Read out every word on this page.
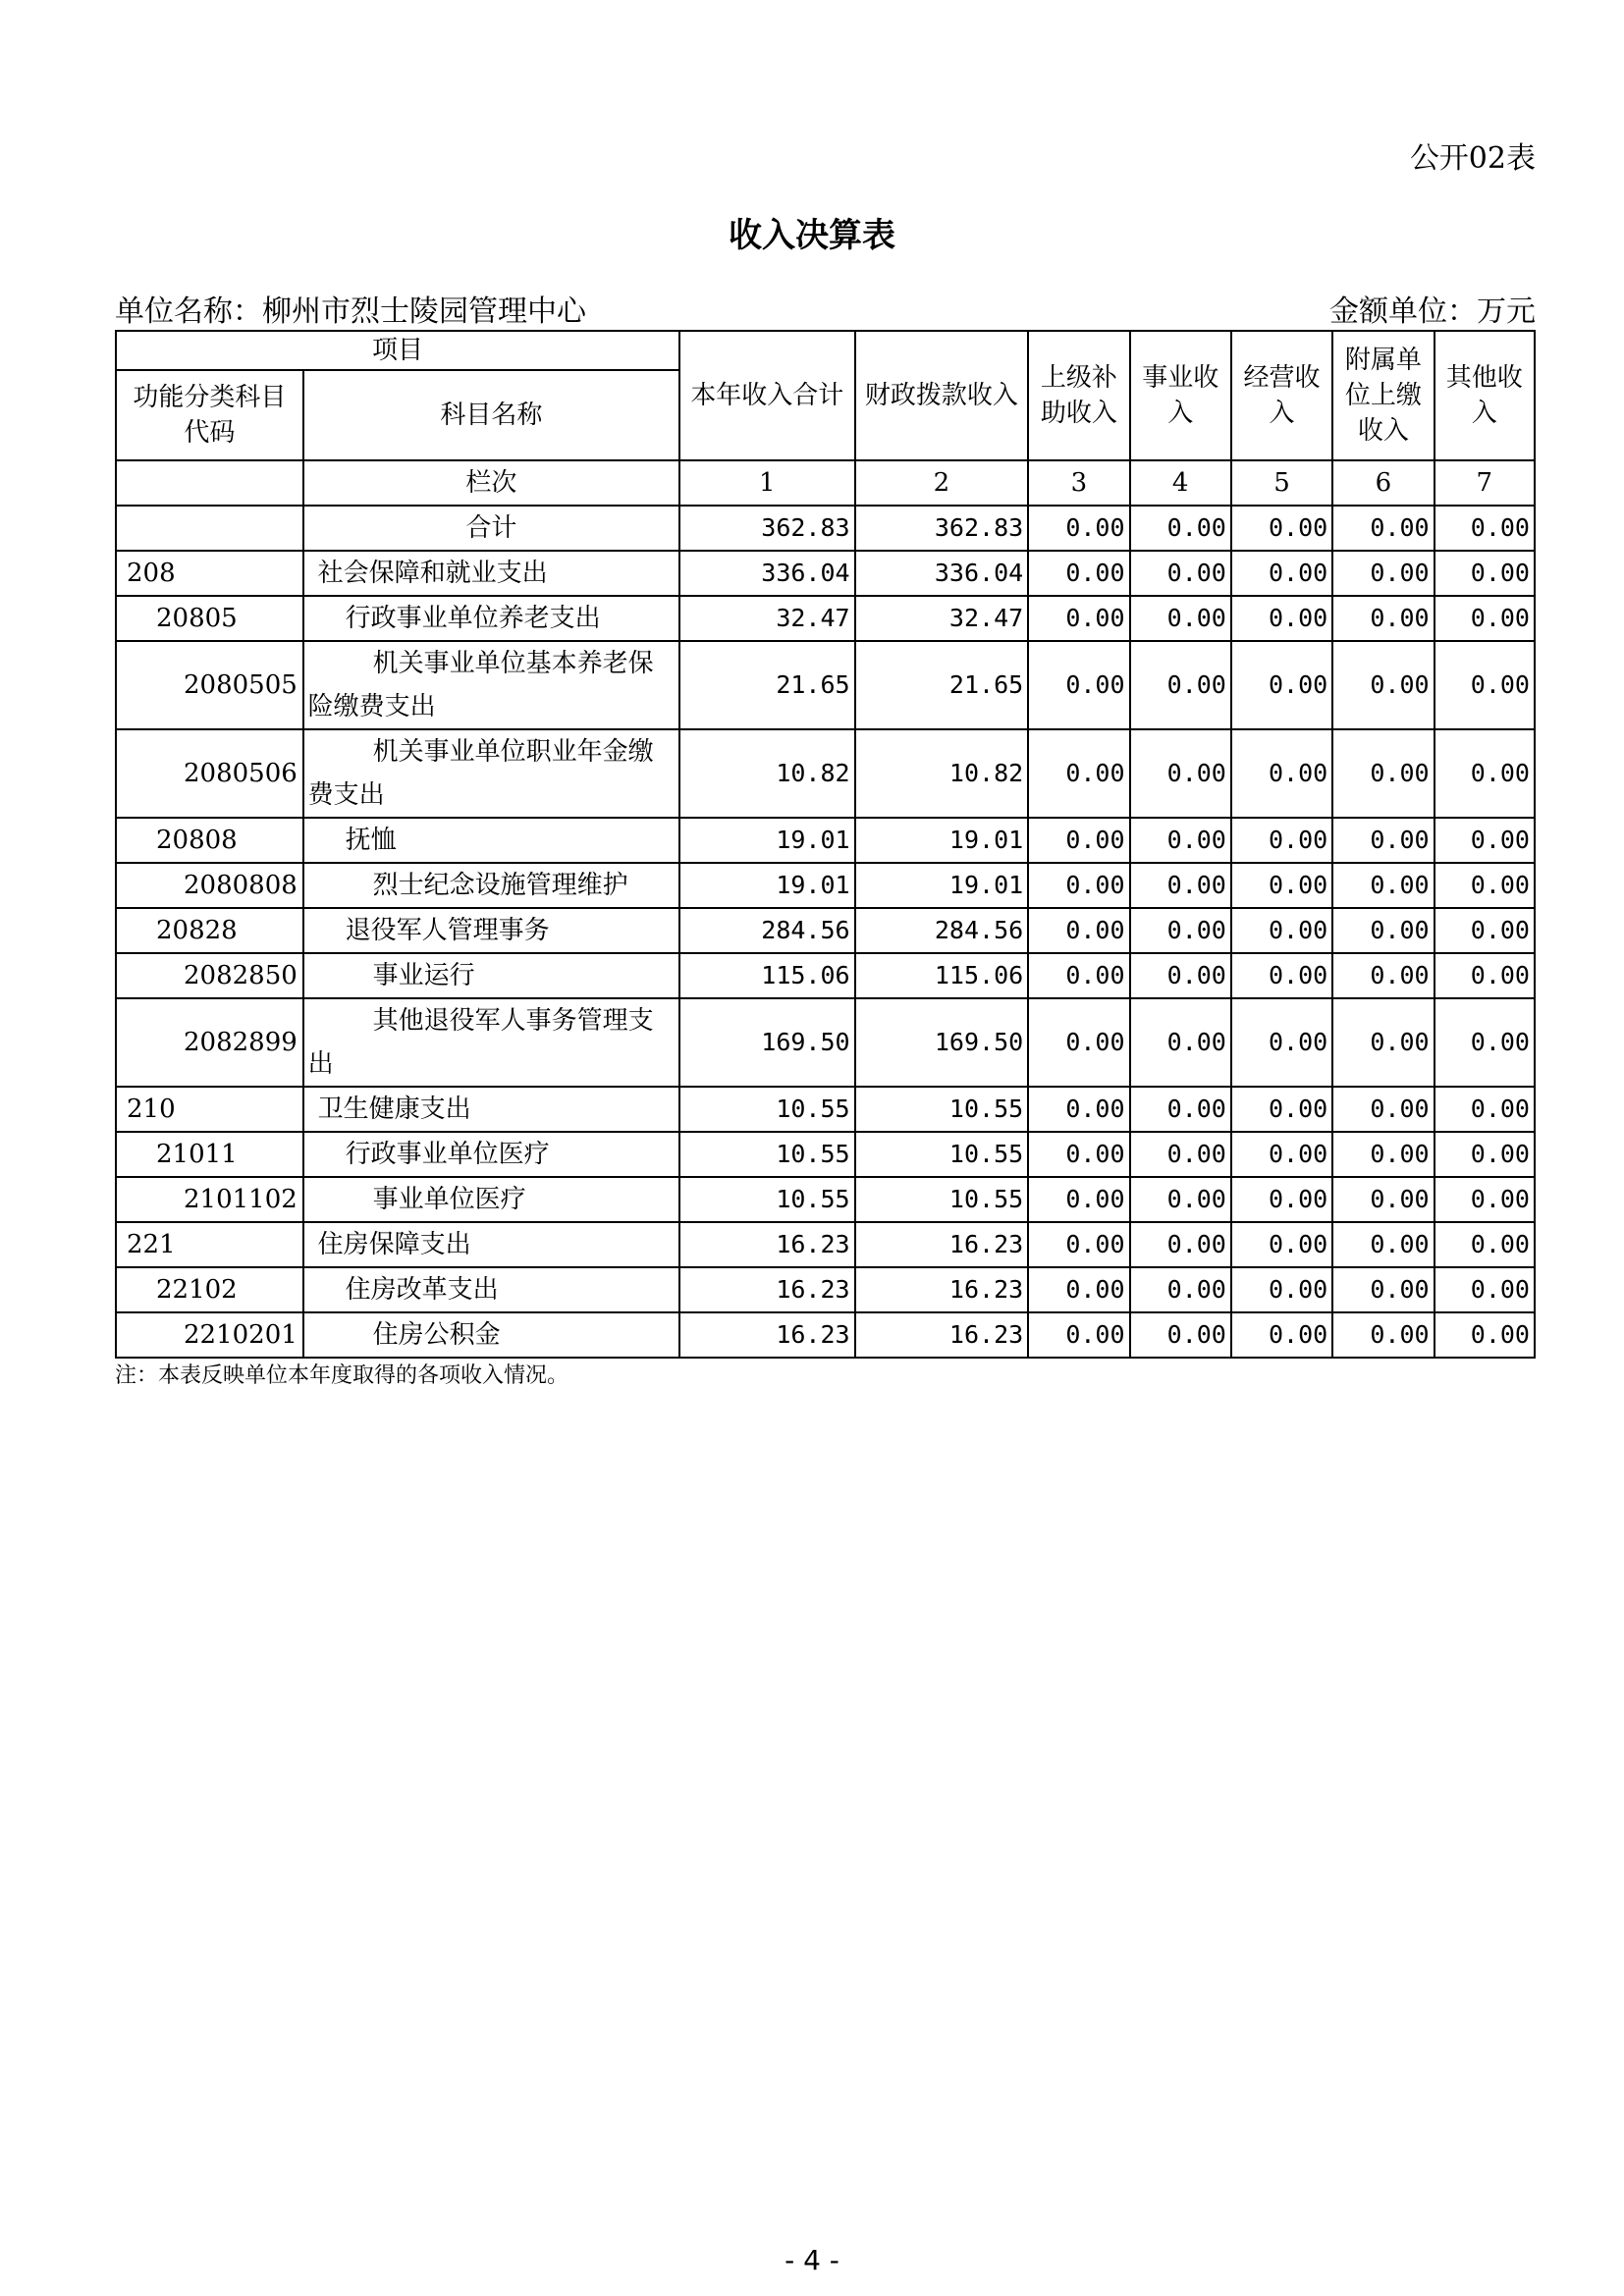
公开02表
收入决算表
单位名称：柳州市烈士陵园管理中心	金额单位：万元
项目		本年收入合计	财政拨款收入	上级补助收入	事业收入	经营收入	附属单位上缴收入	其他收入
功能分类科目代码	科目名称							
	栏次	1	2	3	4	5	6	7
	合计	362.83	362.83	0.00	0.00	0.00	0.00	0.00
208	社会保障和就业支出	336.04	336.04	0.00	0.00	0.00	0.00	0.00
20805	行政事业单位养老支出	32.47	32.47	0.00	0.00	0.00	0.00	0.00
2080505	机关事业单位基本养老保险缴费支出	21.65	21.65	0.00	0.00	0.00	0.00	0.00
2080506	机关事业单位职业年金缴费支出	10.82	10.82	0.00	0.00	0.00	0.00	0.00
20808	抚恤	19.01	19.01	0.00	0.00	0.00	0.00	0.00
2080808	烈士纪念设施管理维护	19.01	19.01	0.00	0.00	0.00	0.00	0.00
20828	退役军人管理事务	284.56	284.56	0.00	0.00	0.00	0.00	0.00
2082850	事业运行	115.06	115.06	0.00	0.00	0.00	0.00	0.00
2082899	其他退役军人事务管理支出	169.50	169.50	0.00	0.00	0.00	0.00	0.00
210	卫生健康支出	10.55	10.55	0.00	0.00	0.00	0.00	0.00
21011	行政事业单位医疗	10.55	10.55	0.00	0.00	0.00	0.00	0.00
2101102	事业单位医疗	10.55	10.55	0.00	0.00	0.00	0.00	0.00
221	住房保障支出	16.23	16.23	0.00	0.00	0.00	0.00	0.00
22102	住房改革支出	16.23	16.23	0.00	0.00	0.00	0.00	0.00
2210201	住房公积金	16.23	16.23	0.00	0.00	0.00	0.00	0.00
注：本表反映单位本年度取得的各项收入情况。
- 4 -
